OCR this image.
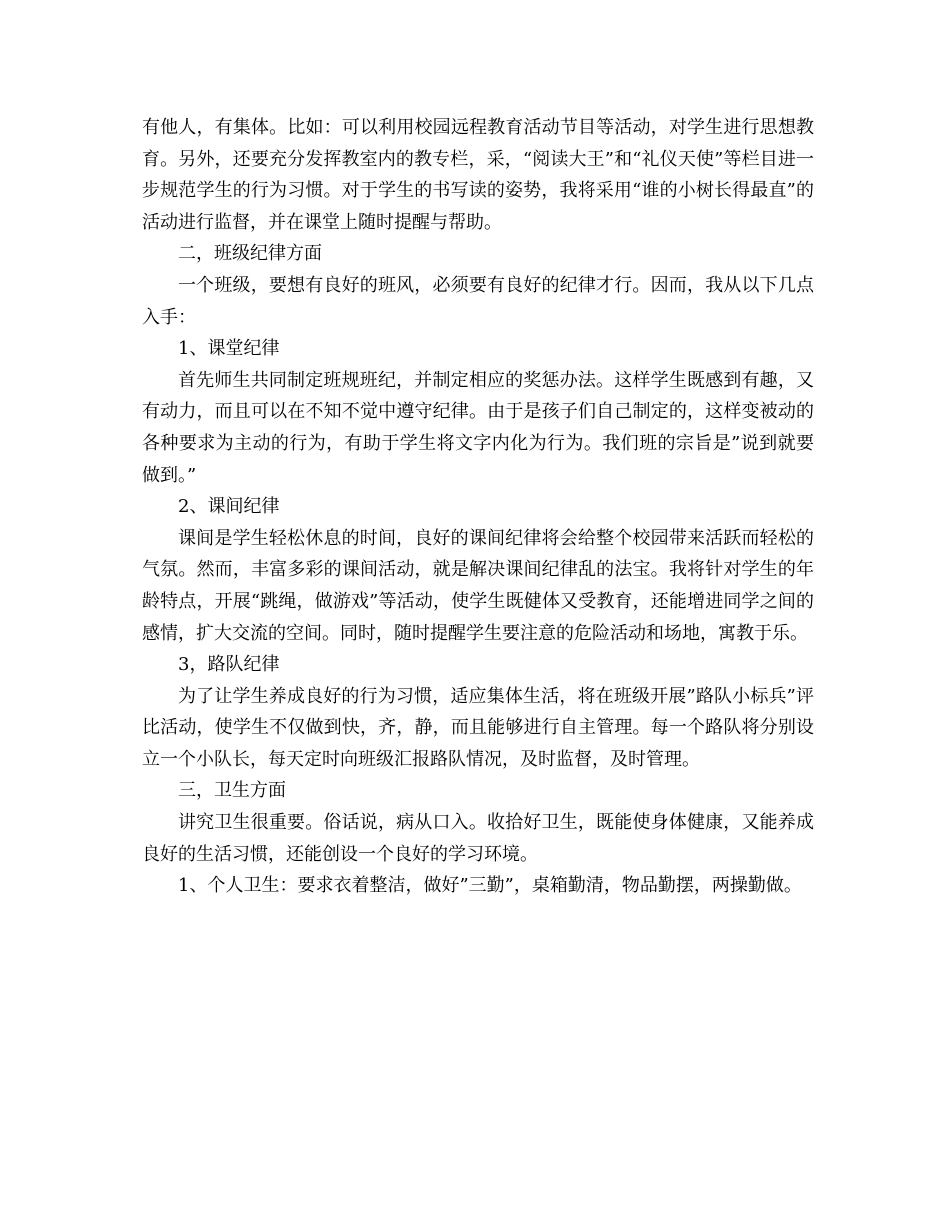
有他人，有集体。比如：可以利用校园远程教育活动节目等活动，对学生进行思想教育。另外，还要充分发挥教室内的教专栏，采，“阅读大王”和“礼仪天使”等栏目进一步规范学生的行为习惯。对于学生的书写读的姿势，我将采用“谁的小树长得最直”的活动进行监督，并在课堂上随时提醒与帮助。

二，班级纪律方面

一个班级，要想有良好的班风，必须要有良好的纪律才行。因而，我从以下几点入手：

1、课堂纪律

首先师生共同制定班规班纪，并制定相应的奖惩办法。这样学生既感到有趣，又有动力，而且可以在不知不觉中遵守纪律。由于是孩子们自己制定的，这样变被动的各种要求为主动的行为，有助于学生将文字内化为行为。我们班的宗旨是”说到就要做到。”

2、课间纪律

课间是学生轻松休息的时间，良好的课间纪律将会给整个校园带来活跃而轻松的气氛。然而，丰富多彩的课间活动，就是解决课间纪律乱的法宝。我将针对学生的年龄特点，开展“跳绳，做游戏”等活动，使学生既健体又受教育，还能增进同学之间的感情，扩大交流的空间。同时，随时提醒学生要注意的危险活动和场地，寓教于乐。

3，路队纪律

为了让学生养成良好的行为习惯，适应集体生活，将在班级开展”路队小标兵”评比活动，使学生不仅做到快，齐，静，而且能够进行自主管理。每一个路队将分别设立一个小队长，每天定时向班级汇报路队情况，及时监督，及时管理。

三，卫生方面

讲究卫生很重要。俗话说，病从口入。收拾好卫生，既能使身体健康，又能养成良好的生活习惯，还能创设一个良好的学习环境。

1、个人卫生：要求衣着整洁，做好”三勤”，桌箱勤清，物品勤摆，两操勤做。
